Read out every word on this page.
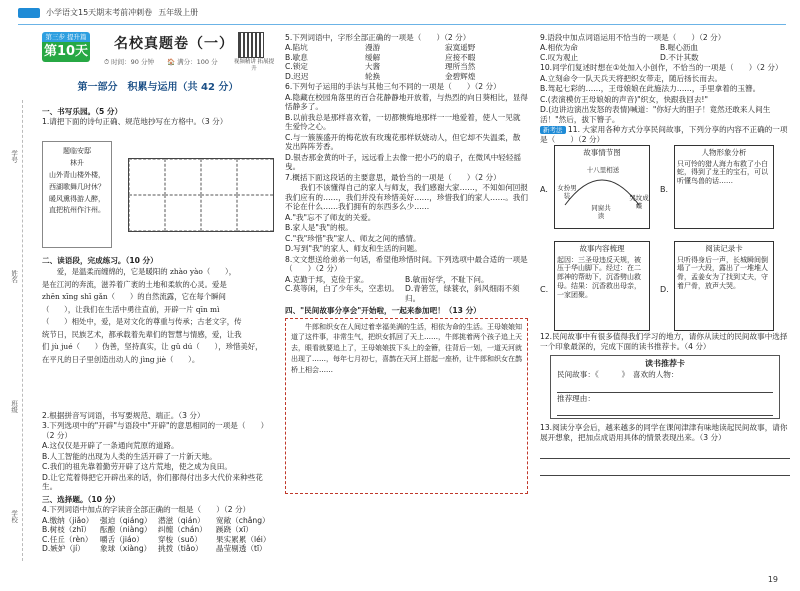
小学语文15天期末考前冲刺卷 五年级上册
学号
姓名
班级
学校
第三步 提升篇
第10天 名校真题卷（一）
⏱ 时间：90 分钟　　🏠 满分：100 分	视频精讲 拓展提升
第一部分　积累与运用（共 42 分）

一、书写乐园。（5 分）

1.请把下面的诗句正确、规范地抄写在方格中。（3 分）

题临安邸
林升
山外青山楼外楼，
西湖歌舞几时休？
暖风熏得游人醉，
直把杭州作汴州。

二、读语段，完成练习。（10 分）

　　爱，是温柔而缠绵的，它是暖阳的 zhào yào（　　），

是在江河的奔流，滋养着广袤的土地和柔软的心灵。爱是

zhēn xīng shī gǎn（　　）的自然流露，它在每个瞬间

（　　），让我们在生活中勇往直前，开辟一片 qīn mì

（　　）相处中，爱，是对文化的尊重与传承；古老文字，传

统节日，民族艺术，都承载着先辈们的智慧与情感，爱，让我

们 jù jué（　　）伪善，坚持真实，让 gǔ dú（　　），珍惜美好，

在平凡的日子里创造出动人的 jìng jiè（　　）。

2.根据拼音写词语，书写要规范、端正。（3 分）

3.下列选项中的"开辟"与语段中"开辟"的意思相同的一项是（　　）（2 分）

A.这仅仅是开辟了一条通向荒原的道路。

B.人工智能的出现为人类的生活开辟了一片新天地。

C.我们的祖先靠着勤劳开辟了这片荒地，使之成为良田。

D.让它荒着得把它开辟出来的话，你们都得付出多大代价来种些花生。

三、选择题。（10 分）

4.下列词语中加点的字读音全部正确的一组是（　　）（2 分）

A.缴纳（jiǎo） 强迫（qiáng） 潜滋（qián）	宽敞（chǎng）
B.树枝（zhī）	酝酿（niàng） 纠缠（chán）	蹊跷（xī）
C.任丘（rèn） 嚼舌（jiáo）	穿梭（suō）	果实累累（léi）
D.嫉妒（jí）	象球（xiàng） 挑拨（tiǎo）	晶莹剔透（tī）

5.下列词语中，字形全部正确的一项是（　　）（2 分）

A.陷坑	漫游	寂寞遥野
B.歇息	缓解	应接不暇
C.锁定	大酱	理所当然
D.迟迟	轮换	金碧辉煌

6.下列句子运用的手法与其他三句不同的一项是（　　）（2 分）

A.隐藏在校园角落里的百合花静静地开放着，与热烈的向日葵相比，显得恬静多了。

B.以前我总是那样喜欢着，一切都懊悔地那样一一地爱着，使人一见就生爱怜之心。

C.与一簇簇盛开的梅花放有玫瑰花那样妖娆动人，但它却不失温柔，散发出阵阵芳香。

D.银杏那金黄的叶子，远远看上去像一把小巧的扇子，在微风中轻轻摇曳。

7.概括下面这段话的主要意思，最恰当的一项是（　　）（2 分）

　　我们不该懂得自己的家人与师友，我们感谢大家……，不知如何回报我们应有的……，我们并没有珍惜美好……，珍惜我们的家人……。我们不论在什么……我们拥有的东西多么少……

A."我"忘不了师友的关爱。

B.家人是"我"的根。

C."我"珍惜"我"家人、师友之间的感情。

D.写到"我"的家人、师友和生活的问题。

8.文文想送给弟弟一句话，希望他珍惜时间。下列选项中最合适的一项是（　　）（2 分）

A.克勤于邦，克俭于家。	B.敏而好学，不耻下问。
C.莫等闲，白了少年头，空悲切。 D.青箬笠，绿蓑衣，斜风细雨不须归。

四、"民间故事分享会"开始啦，一起来参加吧！（13 分）

　　牛郎和织女在人间过着幸福美满的生活，相依为命的生活。王母娘娘知道了这件事，非常生气，把织女抓回了天上……，牛郎挑着两个孩子追上天去，眼看就要追上了，王母娘娘拔下头上的金簪，往背后一划，一道天河就出现了……，每年七月初七，喜鹊在天河上搭起一座桥，让牛郎和织女在鹊桥上相会……

9.语段中加点词语运用不恰当的一项是（　　）（2 分）

A.相依为命	B.喔心沥血
C.叹为观止	D.不计其数

10.同学们复述时想在①处加入小创作，不恰当的一项是（　　）（2 分）

A.立刻命令一队天兵天将把织女带走，随后扬长而去。

B.驾起七彩的……，王母娘娘在此施法力……，手里拿着的玉簪。

C.(表演模仿王母娘娘的声音)"织女，快跟我回去!"

D.(边讲边演出发怒的表情)喊道："你好大的胆子！竟然还敢来人间生活！"然后，拔下簪子。

新考法 11. 大家用各种方式分享民间故事，下列分享的内容不正确的一项是（　　）（2 分）

A.
故事情节图
十八里相送
女扮男装
同窗共读
哭坟成蝶
B.
人物形象分析

只可怜的猎人海力布救了小白蛇，得到了龙王的宝石，可以听懂鸟兽的话……

C.
故事内容梳理

起因：三圣母违反天规，被压于华山脚下。经过：在二郎神的帮助下，沉香劈山救母。结果：沉香救出母亲，一家团聚。

D.
阅读记录卡

只听得身后一声，长城瞬间倒塌了一大段，露出了一堆堆人骨，孟姜女为了找到丈夫，守着尸骨，放声大哭。

12.民间故事中有很多值得我们学习的地方，请你从读过的民间故事中选择一个印象最深的，完成下面的读书推荐卡。（4 分）

读书推荐卡

民间故事：《　　　》　喜欢的人物：

推荐理由：

13.阅读分享会后，越来越多的同学在课间津津有味地读起民间故事，请你展开想象，把加点成语用具体的情景表现出来。（3 分）

19
